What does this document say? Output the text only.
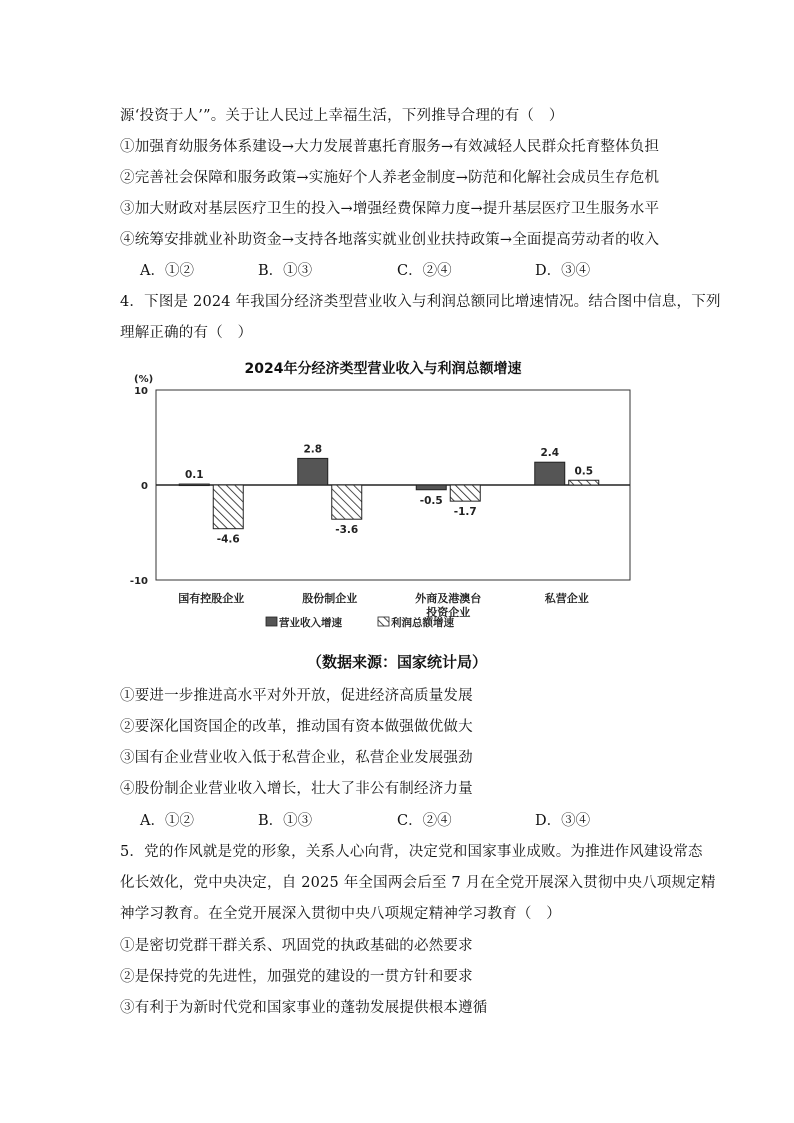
源‘投资于人’”。关于让人民过上幸福生活，下列推导合理的有（　）
①加强育幼服务体系建设→大力发展普惠托育服务→有效减轻人民群众托育整体负担
②完善社会保障和服务政策→实施好个人养老金制度→防范和化解社会成员生存危机
③加大财政对基层医疗卫生的投入→增强经费保障力度→提升基层医疗卫生服务水平
④统筹安排就业补助资金→支持各地落实就业创业扶持政策→全面提高劳动者的收入
A．①②	B．①③	C．②④	D．③④
4．下图是 2024 年我国分经济类型营业收入与利润总额同比增速情况。结合图中信息，下列
理解正确的有（　）
2024年分经济类型营业收入与利润总额增速
(%)
10
0
-10
0.1
-4.6
国有控股企业
2.8
-3.6
股份制企业
-0.5
-1.7
外商及港澳台
投资企业
2.4
0.5
私营企业
营业收入增速	利润总额增速
（数据来源：国家统计局）
①要进一步推进高水平对外开放，促进经济高质量发展
②要深化国资国企的改革，推动国有资本做强做优做大
③国有企业营业收入低于私营企业，私营企业发展强劲
④股份制企业营业收入增长，壮大了非公有制经济力量
A．①②	B．①③	C．②④	D．③④
5．党的作风就是党的形象，关系人心向背，决定党和国家事业成败。为推进作风建设常态
化长效化，党中央决定，自 2025 年全国两会后至 7 月在全党开展深入贯彻中央八项规定精
神学习教育。在全党开展深入贯彻中央八项规定精神学习教育（　）
①是密切党群干群关系、巩固党的执政基础的必然要求
②是保持党的先进性，加强党的建设的一贯方针和要求
③有利于为新时代党和国家事业的蓬勃发展提供根本遵循
